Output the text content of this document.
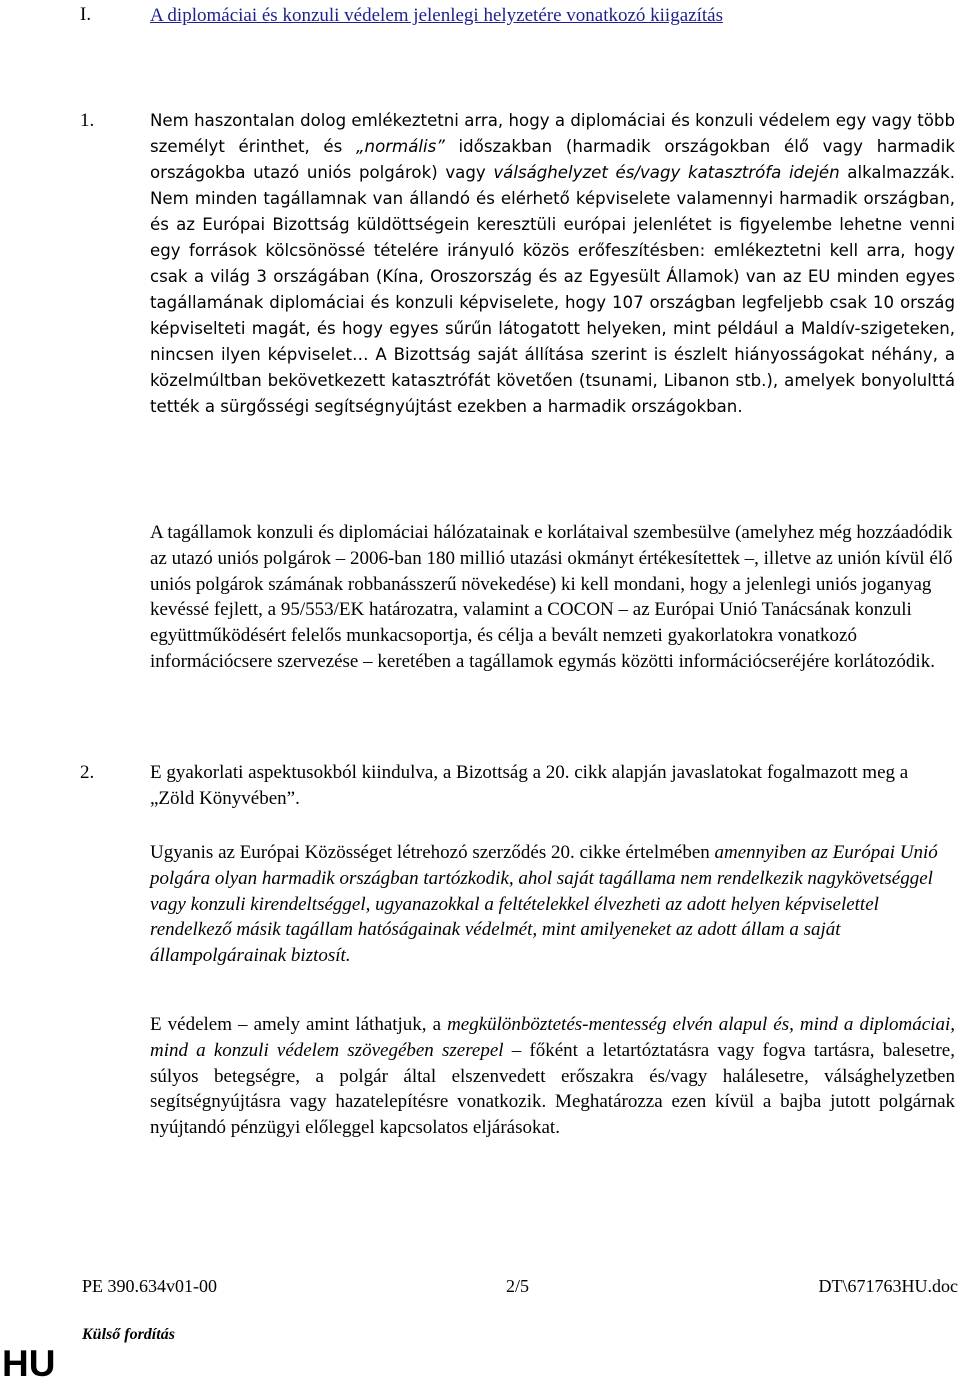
I.	A diplomáciai és konzuli védelem jelenlegi helyzetére vonatkozó kiigazítás
1.	Nem haszontalan dolog emlékeztetni arra, hogy a diplomáciai és konzuli védelem egy vagy több személyt érinthet, és „normális” időszakban (harmadik országokban élő vagy harmadik országokba utazó uniós polgárok) vagy válsághelyzet és/vagy katasztrófa idején alkalmazzák. Nem minden tagállamnak van állandó és elérhető képviselete valamennyi harmadik országban, és az Európai Bizottság küldöttségein keresztüli európai jelenlétet is figyelembe lehetne venni egy források kölcsönössé tételére irányuló közös erőfeszítésben: emlékeztetni kell arra, hogy csak a világ 3 országában (Kína, Oroszország és az Egyesült Államok) van az EU minden egyes tagállamának diplomáciai és konzuli képviselete, hogy 107 országban legfeljebb csak 10 ország képviselteti magát, és hogy egyes sűrűn látogatott helyeken, mint például a Maldív-szigeteken, nincsen ilyen képviselet… A Bizottság saját állítása szerint is észlelt hiányosságokat néhány, a közelmúltban bekövetkezett katasztrófát követően (tsunami, Libanon stb.), amelyek bonyolulttá tették a sürgősségi segítségnyújtást ezekben a harmadik országokban.
A tagállamok konzuli és diplomáciai hálózatainak e korlátaival szembesülve (amelyhez még hozzáadódik az utazó uniós polgárok – 2006-ban 180 millió utazási okmányt értékesítettek –, illetve az unión kívül élő uniós polgárok számának robbanásszerű növekedése) ki kell mondani, hogy a jelenlegi uniós joganyag kevéssé fejlett, a 95/553/EK határozatra, valamint a COCON – az Európai Unió Tanácsának konzuli együttműködésért felelős munkacsoportja, és célja a bevált nemzeti gyakorlatokra vonatkozó információcsere szervezése – keretében a tagállamok egymás közötti információcseréjére korlátozódik.
2.	E gyakorlati aspektusokból kiindulva, a Bizottság a 20. cikk alapján javaslatokat fogalmazott meg a „Zöld Könyvében”.
Ugyanis az Európai Közösséget létrehozó szerződés 20. cikke értelmében amennyiben az Európai Unió polgára olyan harmadik országban tartózkodik, ahol saját tagállama nem rendelkezik nagykövetséggel vagy konzuli kirendeltséggel, ugyanazokkal a feltételekkel élvezheti az adott helyen képviselettel rendelkező másik tagállam hatóságainak védelmét, mint amilyeneket az adott állam a saját állampolgárainak biztosít.
E védelem – amely amint láthatjuk, a megkülönböztetés-mentesség elvén alapul és, mind a diplomáciai, mind a konzuli védelem szövegében szerepel – főként a letartóztatásra vagy fogva tartásra, balesetre, súlyos betegségre, a polgár által elszenvedett erőszakra és/vagy halálesetre, válsághelyzetben segítségnyújtásra vagy hazatelepítésre vonatkozik. Meghatározza ezen kívül a bajba jutott polgárnak nyújtandó pénzügyi előleggel kapcsolatos eljárásokat.
PE 390.634v01-00	2/5	DT\671763HU.doc
Külső fordítás
HU
